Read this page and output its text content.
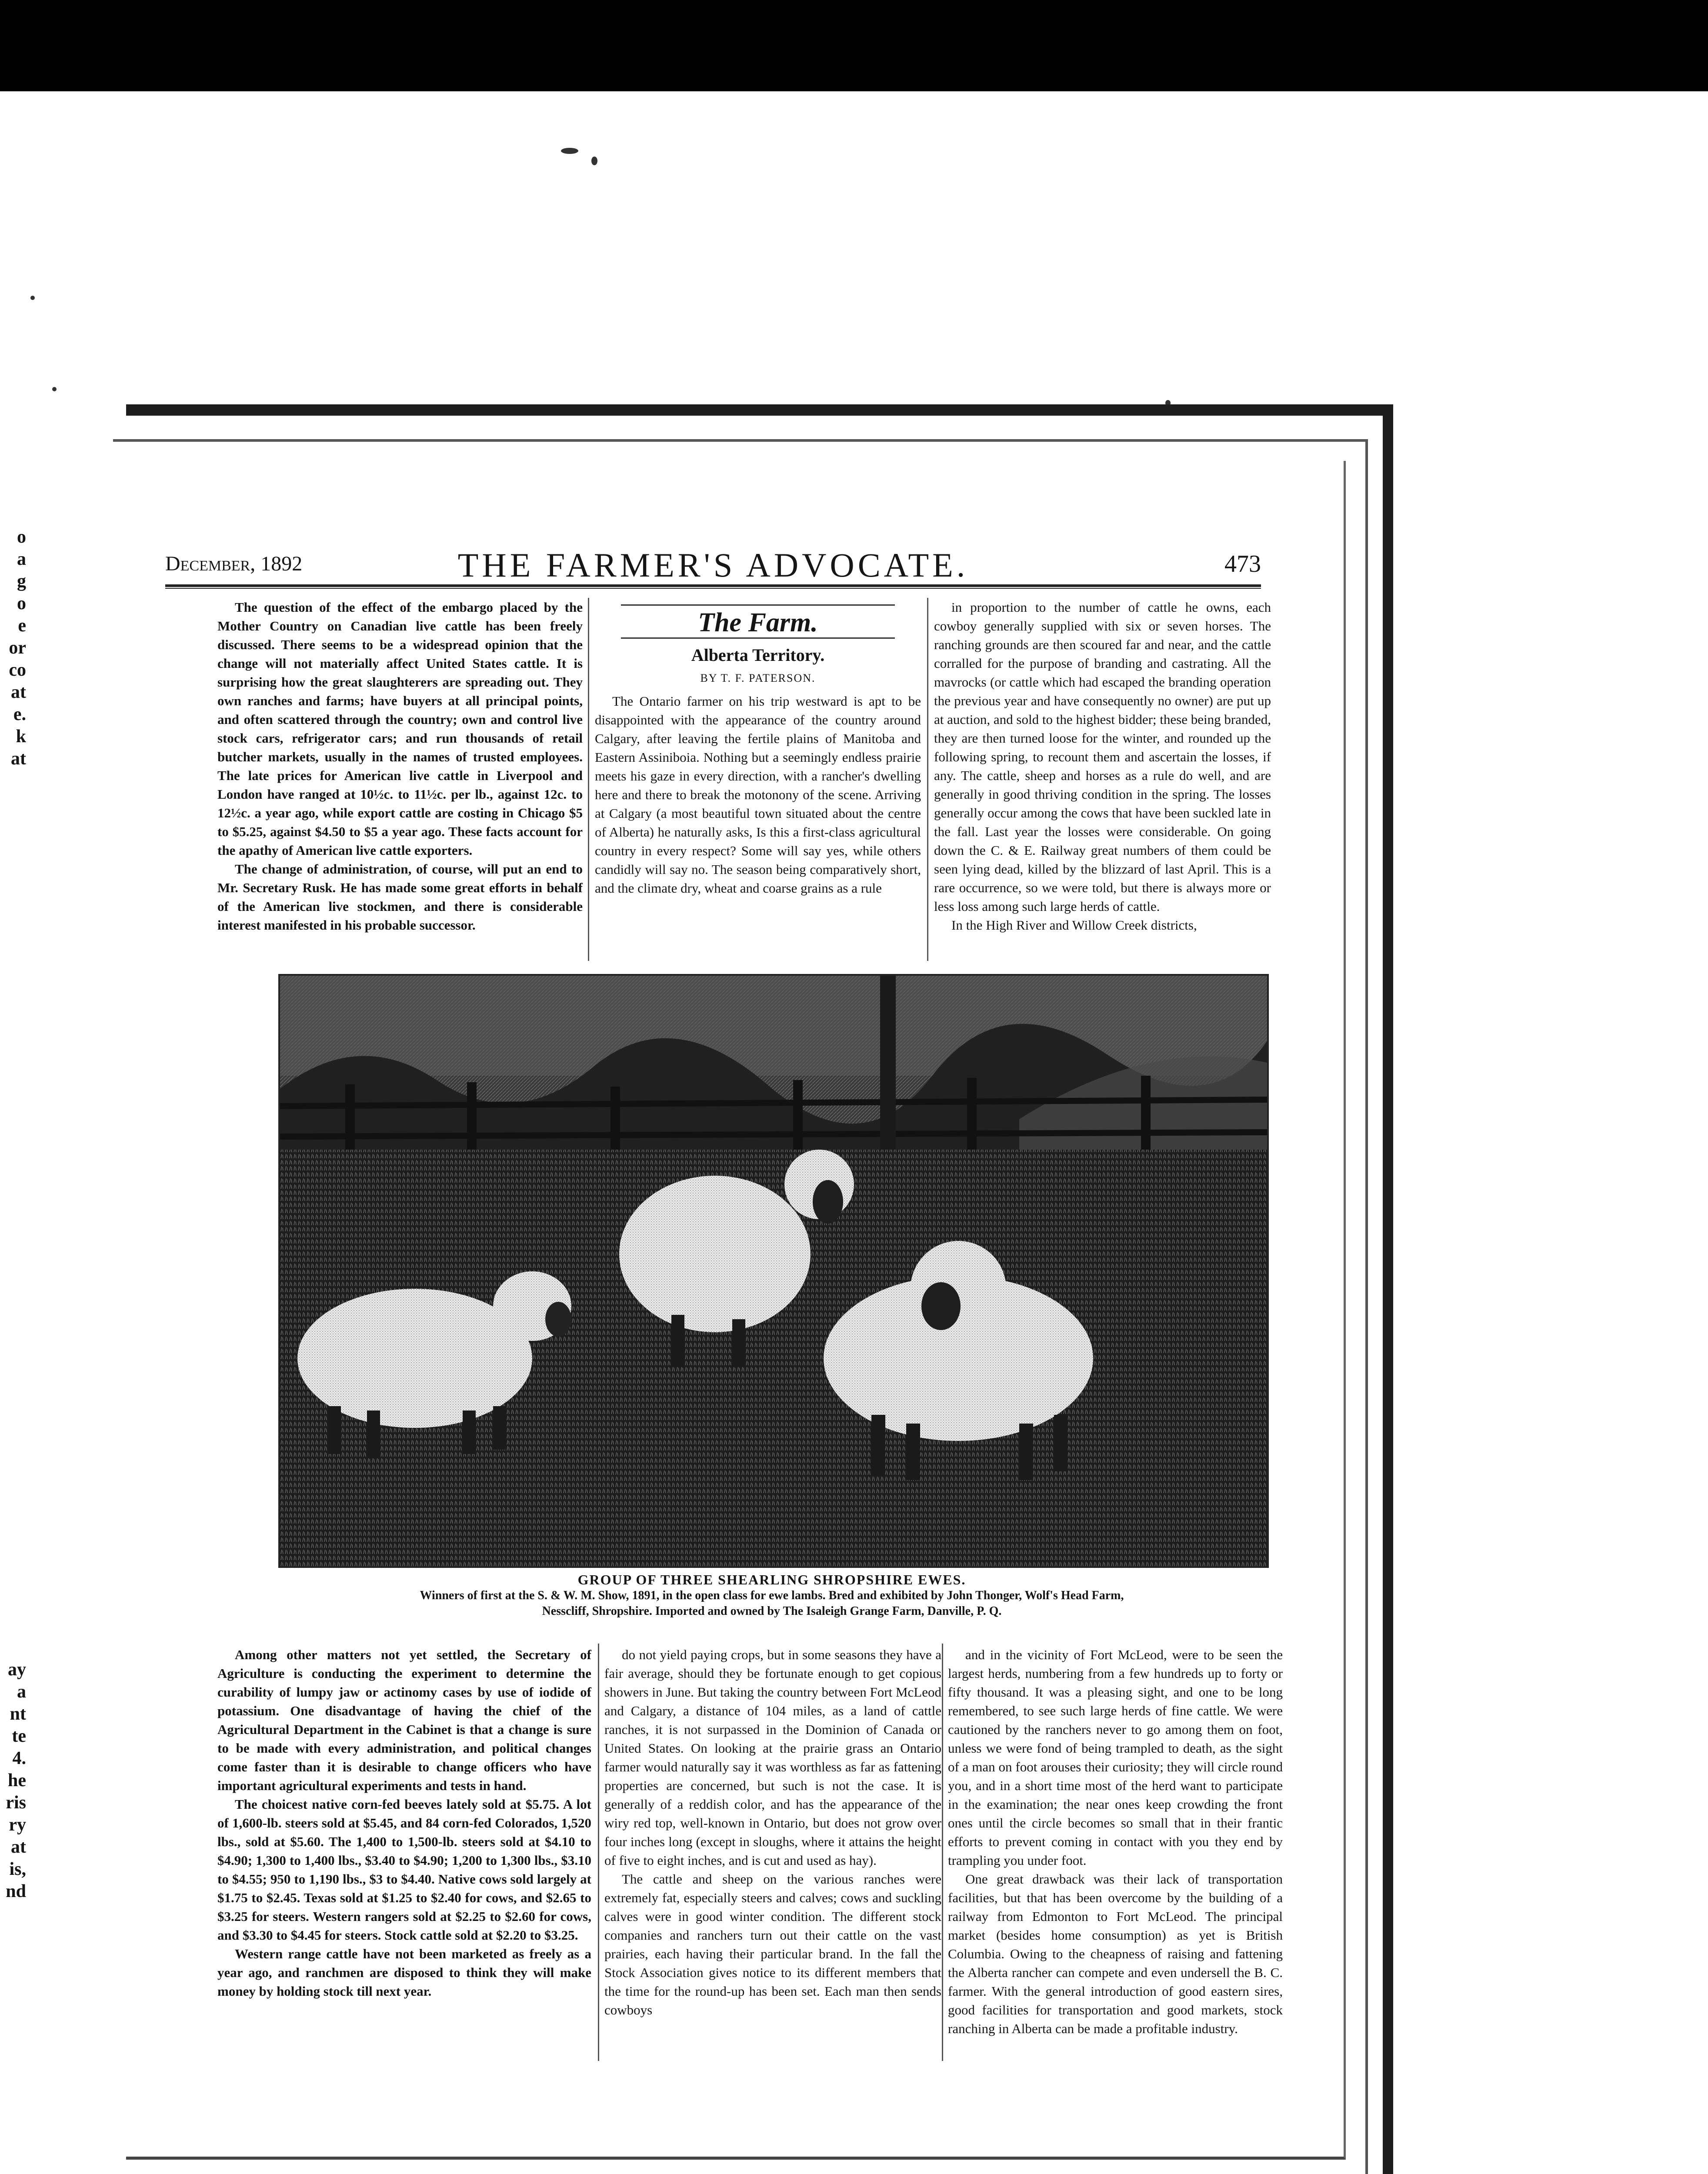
o
a
g
o
e
or
co
at
e.
k
at
ay
a
nt
te
4.
he
ris
ry
at
is,
nd
December, 1892	THE FARMER'S ADVOCATE.	473

The question of the effect of the embargo placed by the Mother Country on Canadian live cattle has been freely discussed. There seems to be a widespread opinion that the change will not materially affect United States cattle. It is surprising how the great slaughterers are spreading out. They own ranches and farms; have buyers at all principal points, and often scattered through the country; own and control live stock cars, refrigerator cars; and run thousands of retail butcher markets, usually in the names of trusted employees. The late prices for American live cattle in Liverpool and London have ranged at 10½c. to 11½c. per lb., against 12c. to 12½c. a year ago, while export cattle are costing in Chicago $5 to $5.25, against $4.50 to $5 a year ago. These facts account for the apathy of American live cattle exporters.

The change of administration, of course, will put an end to Mr. Secretary Rusk. He has made some great efforts in behalf of the American live stockmen, and there is considerable interest manifested in his probable successor.

The Farm.
Alberta Territory.
BY T. F. PATERSON.

The Ontario farmer on his trip westward is apt to be disappointed with the appearance of the country around Calgary, after leaving the fertile plains of Manitoba and Eastern Assiniboia. Nothing but a seemingly endless prairie meets his gaze in every direction, with a rancher's dwelling here and there to break the motonony of the scene. Arriving at Calgary (a most beautiful town situated about the centre of Alberta) he naturally asks, Is this a first-class agricultural country in every respect? Some will say yes, while others candidly will say no. The season being comparatively short, and the climate dry, wheat and coarse grains as a rule

in proportion to the number of cattle he owns, each cowboy generally supplied with six or seven horses. The ranching grounds are then scoured far and near, and the cattle corralled for the purpose of branding and castrating. All the mavrocks (or cattle which had escaped the branding operation the previous year and have consequently no owner) are put up at auction, and sold to the highest bidder; these being branded, they are then turned loose for the winter, and rounded up the following spring, to recount them and ascertain the losses, if any. The cattle, sheep and horses as a rule do well, and are generally in good thriving condition in the spring. The losses generally occur among the cows that have been suckled late in the fall. Last year the losses were considerable. On going down the C. & E. Railway great numbers of them could be seen lying dead, killed by the blizzard of last April. This is a rare occurrence, so we were told, but there is always more or less loss among such large herds of cattle.

In the High River and Willow Creek districts,

GROUP OF THREE SHEARLING SHROPSHIRE EWES.
Winners of first at the S. & W. M. Show, 1891, in the open class for ewe lambs. Bred and exhibited by John Thonger, Wolf's Head Farm,
Nesscliff, Shropshire. Imported and owned by The Isaleigh Grange Farm, Danville, P. Q.

Among other matters not yet settled, the Secretary of Agriculture is conducting the experiment to determine the curability of lumpy jaw or actinomy cases by use of iodide of potassium. One disadvantage of having the chief of the Agricultural Department in the Cabinet is that a change is sure to be made with every administration, and political changes come faster than it is desirable to change officers who have important agricultural experiments and tests in hand.

The choicest native corn-fed beeves lately sold at $5.75. A lot of 1,600-lb. steers sold at $5.45, and 84 corn-fed Colorados, 1,520 lbs., sold at $5.60. The 1,400 to 1,500-lb. steers sold at $4.10 to $4.90; 1,300 to 1,400 lbs., $3.40 to $4.90; 1,200 to 1,300 lbs., $3.10 to $4.55; 950 to 1,190 lbs., $3 to $4.40. Native cows sold largely at $1.75 to $2.45. Texas sold at $1.25 to $2.40 for cows, and $2.65 to $3.25 for steers. Western rangers sold at $2.25 to $2.60 for cows, and $3.30 to $4.45 for steers. Stock cattle sold at $2.20 to $3.25.

Western range cattle have not been marketed as freely as a year ago, and ranchmen are disposed to think they will make money by holding stock till next year.

do not yield paying crops, but in some seasons they have a fair average, should they be fortunate enough to get copious showers in June. But taking the country between Fort McLeod and Calgary, a distance of 104 miles, as a land of cattle ranches, it is not surpassed in the Dominion of Canada or United States. On looking at the prairie grass an Ontario farmer would naturally say it was worthless as far as fattening properties are concerned, but such is not the case. It is generally of a reddish color, and has the appearance of the wiry red top, well-known in Ontario, but does not grow over four inches long (except in sloughs, where it attains the height of five to eight inches, and is cut and used as hay).

The cattle and sheep on the various ranches were extremely fat, especially steers and calves; cows and suckling calves were in good winter condition. The different stock companies and ranchers turn out their cattle on the vast prairies, each having their particular brand. In the fall the Stock Association gives notice to its different members that the time for the round-up has been set. Each man then sends cowboys

and in the vicinity of Fort McLeod, were to be seen the largest herds, numbering from a few hundreds up to forty or fifty thousand. It was a pleasing sight, and one to be long remembered, to see such large herds of fine cattle. We were cautioned by the ranchers never to go among them on foot, unless we were fond of being trampled to death, as the sight of a man on foot arouses their curiosity; they will circle round you, and in a short time most of the herd want to participate in the examination; the near ones keep crowding the front ones until the circle becomes so small that in their frantic efforts to prevent coming in contact with you they end by trampling you under foot.

One great drawback was their lack of transportation facilities, but that has been overcome by the building of a railway from Edmonton to Fort McLeod. The principal market (besides home consumption) as yet is British Columbia. Owing to the cheapness of raising and fattening the Alberta rancher can compete and even undersell the B. C. farmer. With the general introduction of good eastern sires, good facilities for transportation and good markets, stock ranching in Alberta can be made a profitable industry.
